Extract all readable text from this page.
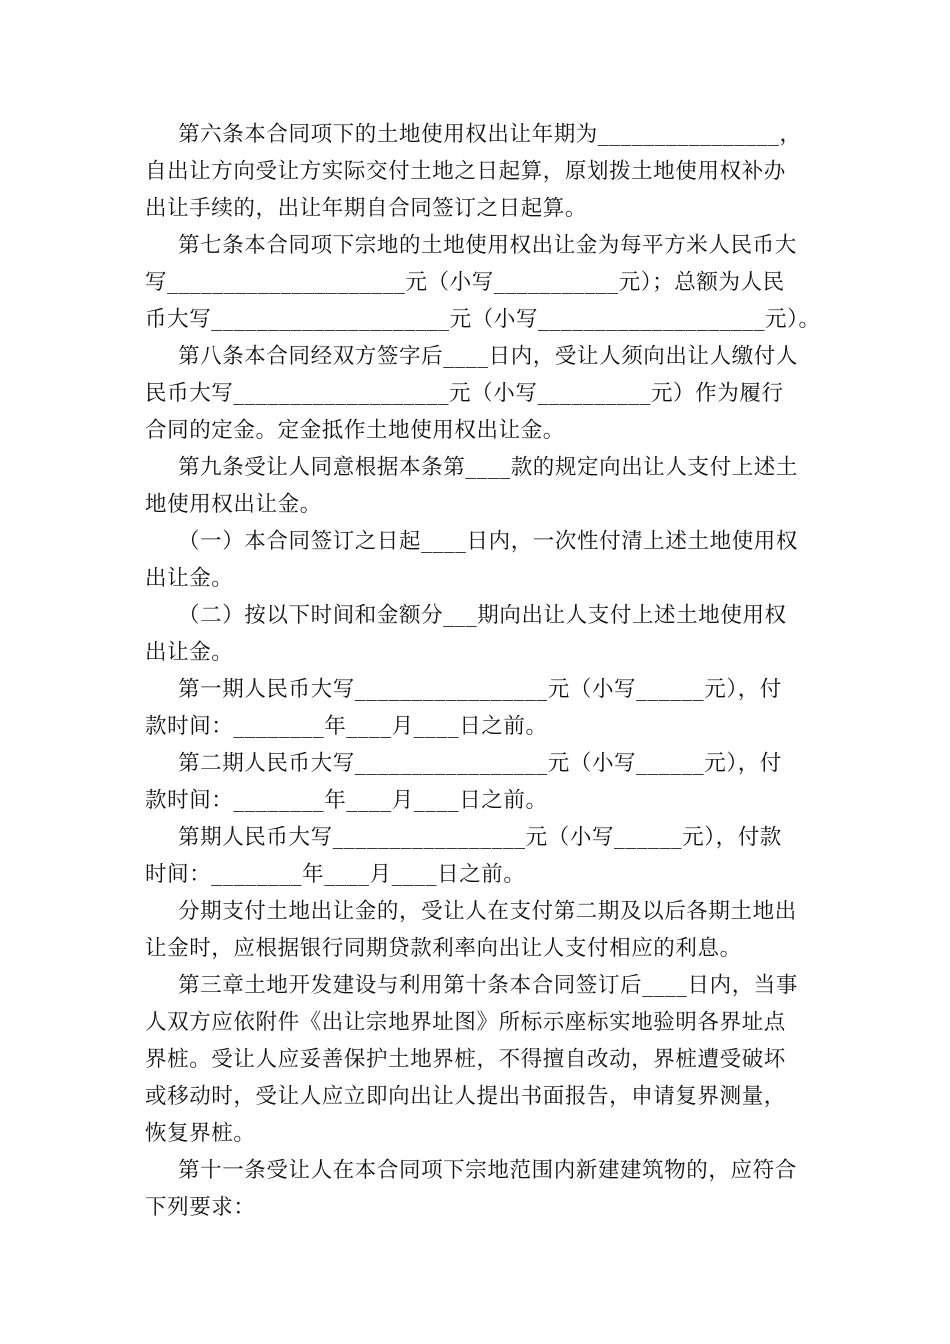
第六条本合同项下的土地使用权出让年期为________________，
自出让方向受让方实际交付土地之日起算，原划拨土地使用权补办
出让手续的，出让年期自合同签订之日起算。
第七条本合同项下宗地的土地使用权出让金为每平方米人民币大
写_____________________元（小写___________元）；总额为人民
币大写_____________________元（小写____________________元）。
第八条本合同经双方签字后____日内，受让人须向出让人缴付人
民币大写___________________元（小写__________元）作为履行
合同的定金。定金抵作土地使用权出让金。
第九条受让人同意根据本条第____款的规定向出让人支付上述土
地使用权出让金。
（一）本合同签订之日起____日内，一次性付清上述土地使用权
出让金。
（二）按以下时间和金额分___期向出让人支付上述土地使用权
出让金。
第一期人民币大写_________________元（小写______元），付
款时间：________年____月____日之前。
第二期人民币大写_________________元（小写______元），付
款时间：________年____月____日之前。
第期人民币大写_________________元（小写______元），付款
时间：________年____月____日之前。
分期支付土地出让金的，受让人在支付第二期及以后各期土地出
让金时，应根据银行同期贷款利率向出让人支付相应的利息。
第三章土地开发建设与利用第十条本合同签订后____日内，当事
人双方应依附件《出让宗地界址图》所标示座标实地验明各界址点
界桩。受让人应妥善保护土地界桩，不得擅自改动，界桩遭受破坏
或移动时，受让人应立即向出让人提出书面报告，申请复界测量，
恢复界桩。
第十一条受让人在本合同项下宗地范围内新建建筑物的，应符合
下列要求：
